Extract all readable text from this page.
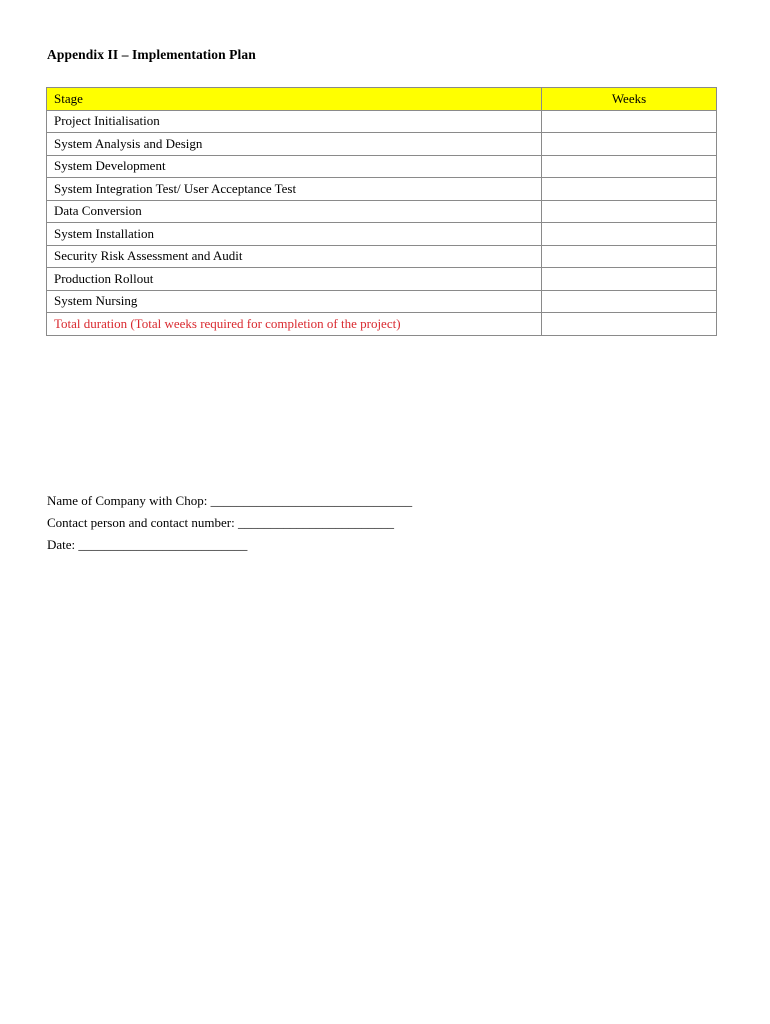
Appendix II – Implementation Plan
Stage	Weeks
Project Initialisation	
System Analysis and Design	
System Development	
System Integration Test/ User Acceptance Test	
Data Conversion	
System Installation	
Security Risk Assessment and Audit	
Production Rollout	
System Nursing	
Total duration (Total weeks required for completion of the project)	
Name of Company with Chop: _______________________________
Contact person and contact number: ________________________
Date: __________________________
